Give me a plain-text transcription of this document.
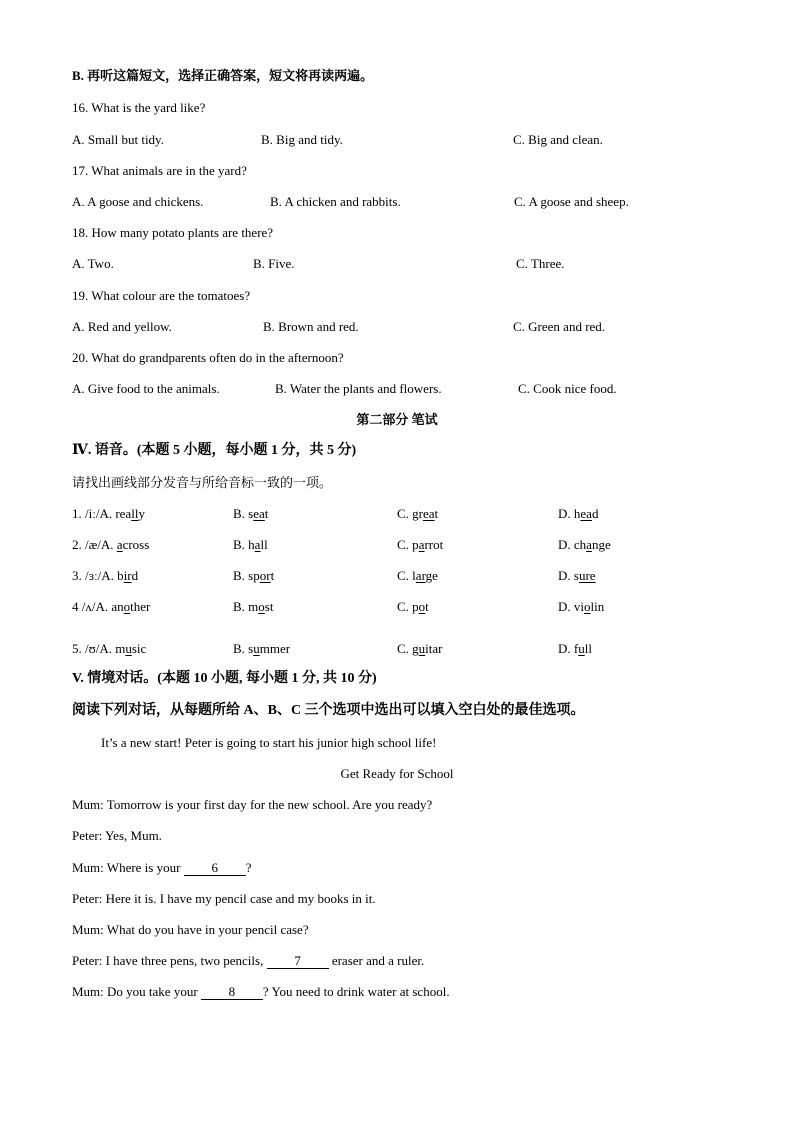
B. 再听这篇短文，选择正确答案，短文将再读两遍。
16. What is the yard like?
A. Small but tidy.	B. Big and tidy.	C. Big and clean.
17. What animals are in the yard?
A. A goose and chickens.	B. A chicken and rabbits.	C. A goose and sheep.
18. How many potato plants are there?
A. Two.	B. Five.	C. Three.
19. What colour are the tomatoes?
A. Red and yellow.	B. Brown and red.	C. Green and red.
20. What do grandparents often do in the afternoon?
A. Give food to the animals.	B. Water the plants and flowers.	C. Cook nice food.
第二部分 笔试
Ⅳ. 语音。(本题 5 小题，每小题 1 分，共 5 分)
请找出画线部分发音与所给音标一致的一项。
1. /iː/A. really	B. seat	C. great	D. head
2. /æ/A. across	B. hall	C. parrot	D. change
3. /ɜː/A. bird	B. sport	C. large	D. sure
4 /ʌ/A. another	B. most	C. pot	D. violin
5. /ʊ/A. music	B. summer	C. guitar	D. full
V. 情境对话。(本题 10 小题, 每小题 1 分, 共 10 分)
阅读下列对话，从每题所给 A、B、C 三个选项中选出可以填入空白处的最佳选项。
It’s a new start! Peter is going to start his junior high school life!
Get Ready for School
Mum: Tomorrow is your first day for the new school. Are you ready?
Peter: Yes, Mum.
Mum: Where is your 6 ?
Peter: Here it is. I have my pencil case and my books in it.
Mum: What do you have in your pencil case?
Peter: I have three pens, two pencils, 7 eraser and a ruler.
Mum: Do you take your 8 ? You need to drink water at school.
